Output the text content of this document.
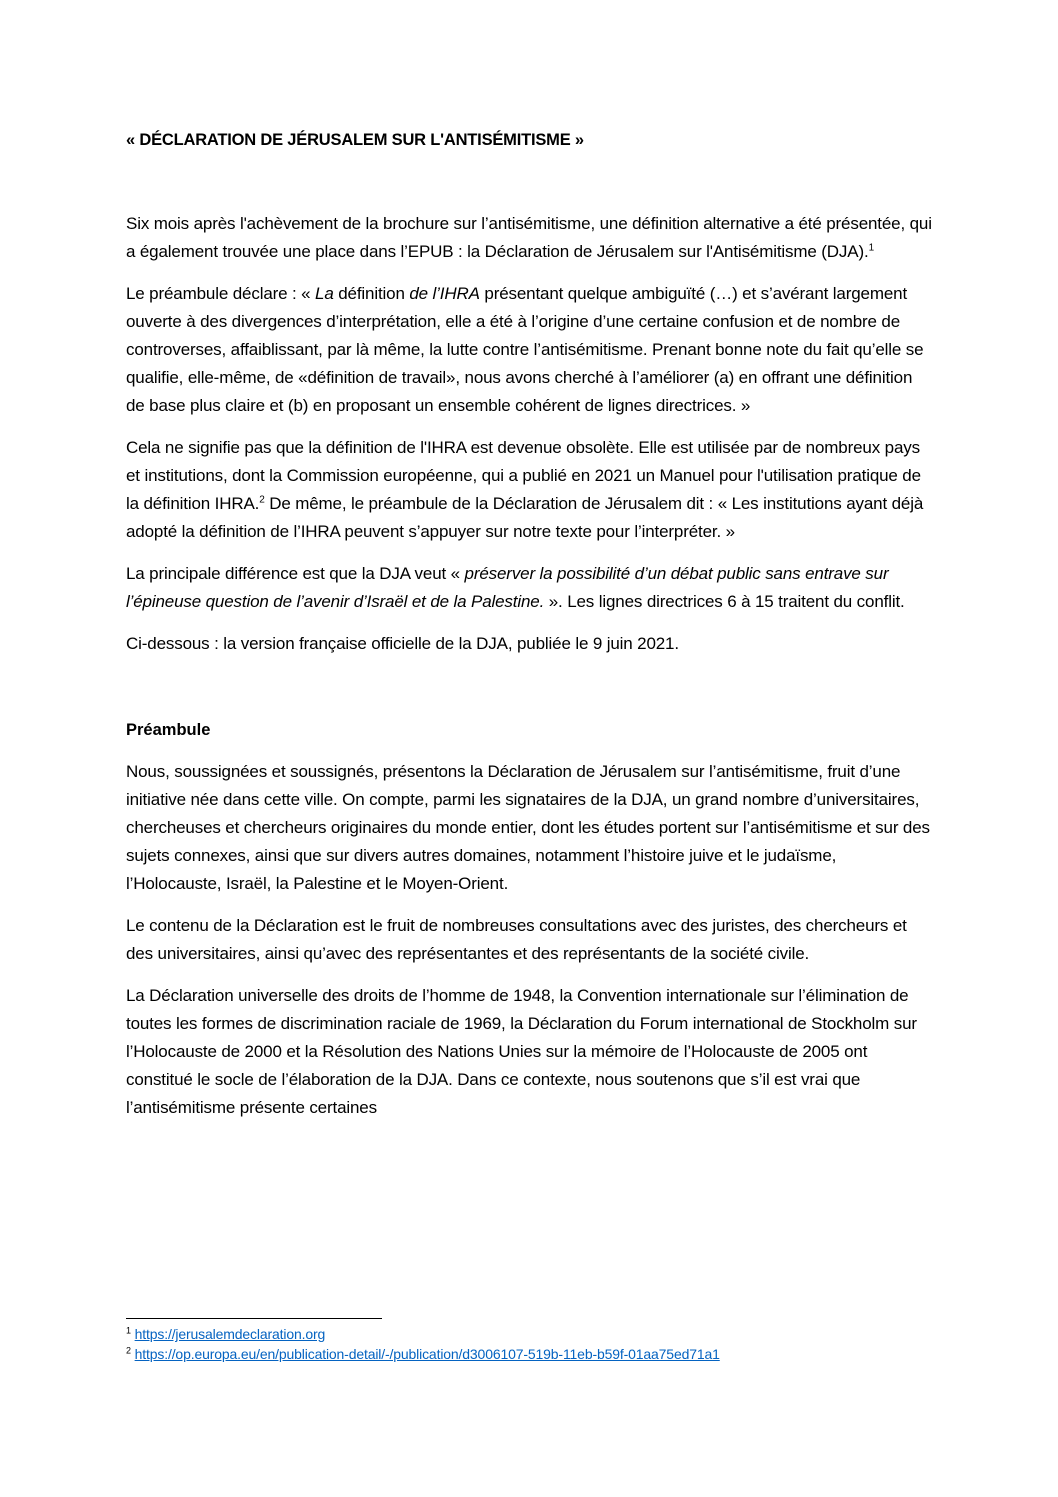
« DÉCLARATION DE JÉRUSALEM SUR L'ANTISÉMITISME »

Six mois après l'achèvement de la brochure sur l’antisémitisme, une définition alternative a été présentée, qui a également trouvée une place dans l’EPUB : la Déclaration de Jérusalem sur l'Antisémitisme (DJA).$^1$

Le préambule déclare : « La définition de l’IHRA présentant quelque ambiguïté (…) et s’avérant largement ouverte à des divergences d’interprétation, elle a été à l’origine d’une certaine confusion et de nombre de controverses, affaiblissant, par là même, la lutte contre l’antisémitisme. Prenant bonne note du fait qu’elle se qualifie, elle-même, de «définition de travail», nous avons cherché à l’améliorer (a) en offrant une définition de base plus claire et (b) en proposant un ensemble cohérent de lignes directrices. »

Cela ne signifie pas que la définition de l'IHRA est devenue obsolète. Elle est utilisée par de nombreux pays et institutions, dont la Commission européenne, qui a publié en 2021 un Manuel pour l'utilisation pratique de la définition IHRA.$^2$ De même, le préambule de la Déclaration de Jérusalem dit : « Les institutions ayant déjà adopté la définition de l’IHRA peuvent s’appuyer sur notre texte pour l’interpréter. »

La principale différence est que la DJA veut « préserver la possibilité d’un débat public sans entrave sur l’épineuse question de l’avenir d’Israël et de la Palestine. ». Les lignes directrices 6 à 15 traitent du conflit.

Ci-dessous : la version française officielle de la DJA, publiée le 9 juin 2021.

Préambule

Nous, soussignées et soussignés, présentons la Déclaration de Jérusalem sur l’antisémitisme, fruit d’une initiative née dans cette ville. On compte, parmi les signataires de la DJA, un grand nombre d’universitaires, chercheuses et chercheurs originaires du monde entier, dont les études portent sur l’antisémitisme et sur des sujets connexes, ainsi que sur divers autres domaines, notamment l’histoire juive et le judaïsme, l’Holocauste, Israël, la Palestine et le Moyen-Orient.

Le contenu de la Déclaration est le fruit de nombreuses consultations avec des juristes, des chercheurs et des universitaires, ainsi qu’avec des représentantes et des représentants de la société civile.

La Déclaration universelle des droits de l’homme de 1948, la Convention internationale sur l’élimination de toutes les formes de discrimination raciale de 1969, la Déclaration du Forum international de Stockholm sur l’Holocauste de 2000 et la Résolution des Nations Unies sur la mémoire de l’Holocauste de 2005 ont constitué le socle de l’élaboration de la DJA. Dans ce contexte, nous soutenons que s’il est vrai que l’antisémitisme présente certaines

$^1$ https://jerusalemdeclaration.org

$^2$ https://op.europa.eu/en/publication-detail/-/publication/d3006107-519b-11eb-b59f-01aa75ed71a1
